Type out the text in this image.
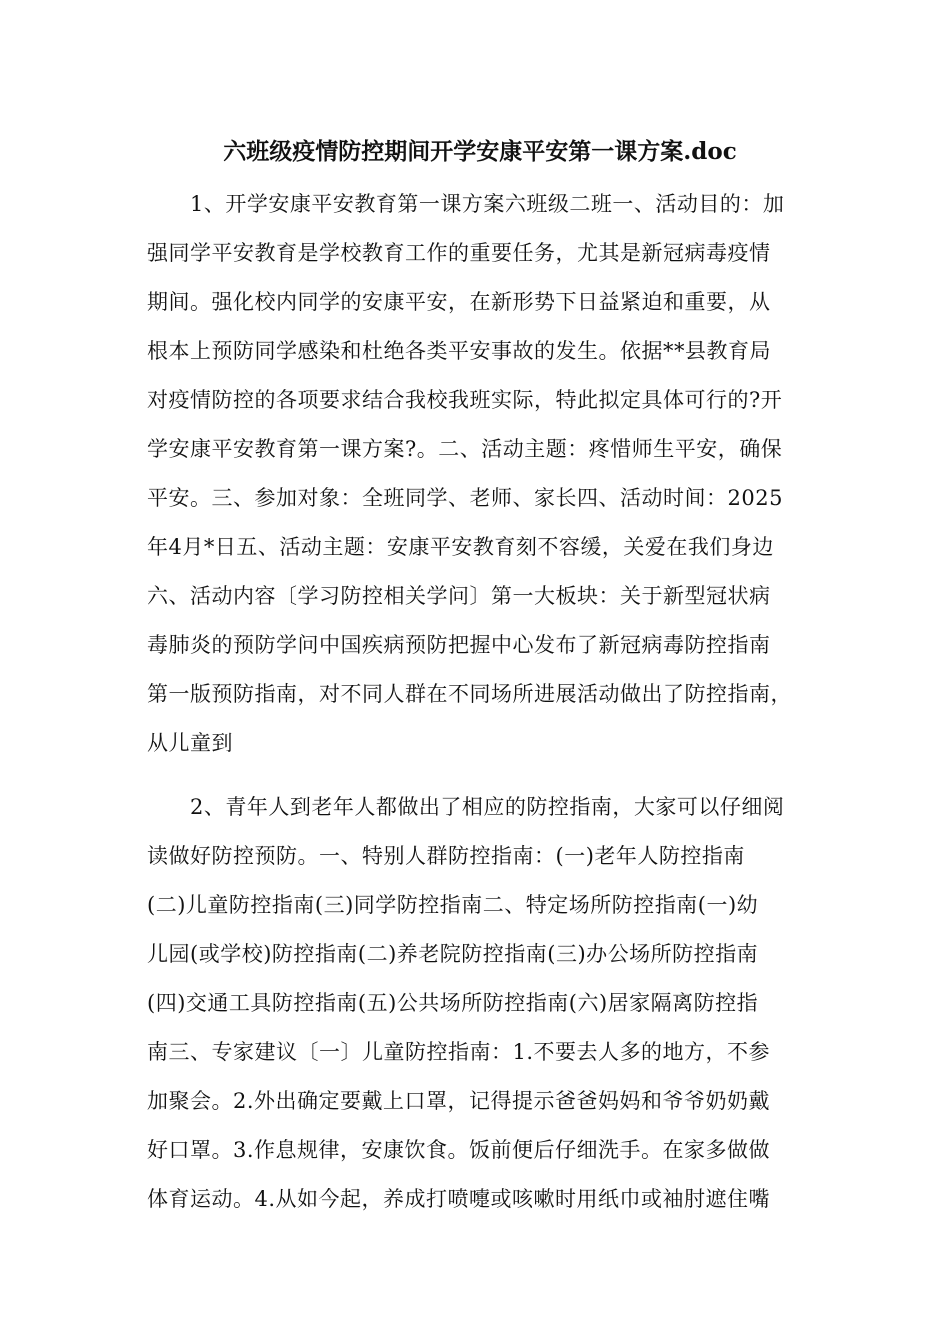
六班级疫情防控期间开学安康平安第一课方案.doc
　　1、开学安康平安教育第一课方案六班级二班一、活动目的：加
强同学平安教育是学校教育工作的重要任务，尤其是新冠病毒疫情
期间。强化校内同学的安康平安，在新形势下日益紧迫和重要，从
根本上预防同学感染和杜绝各类平安事故的发生。依据**县教育局
对疫情防控的各项要求结合我校我班实际，特此拟定具体可行的?开
学安康平安教育第一课方案?。二、活动主题：疼惜师生平安，确保
平安。三、参加对象：全班同学、老师、家长四、活动时间：2025
年4月*日五、活动主题：安康平安教育刻不容缓，关爱在我们身边
六、活动内容〔学习防控相关学问〕第一大板块：关于新型冠状病
毒肺炎的预防学问中国疾病预防把握中心发布了新冠病毒防控指南
第一版预防指南，对不同人群在不同场所进展活动做出了防控指南，
从儿童到
　　2、青年人到老年人都做出了相应的防控指南，大家可以仔细阅
读做好防控预防。一、特别人群防控指南：(一)老年人防控指南
(二)儿童防控指南(三)同学防控指南二、特定场所防控指南(一)幼
儿园(或学校)防控指南(二)养老院防控指南(三)办公场所防控指南
(四)交通工具防控指南(五)公共场所防控指南(六)居家隔离防控指
南三、专家建议〔一〕儿童防控指南：1.不要去人多的地方，不参
加聚会。2.外出确定要戴上口罩，记得提示爸爸妈妈和爷爷奶奶戴
好口罩。3.作息规律，安康饮食。饭前便后仔细洗手。在家多做做
体育运动。4.从如今起，养成打喷嚏或咳嗽时用纸巾或袖肘遮住嘴
